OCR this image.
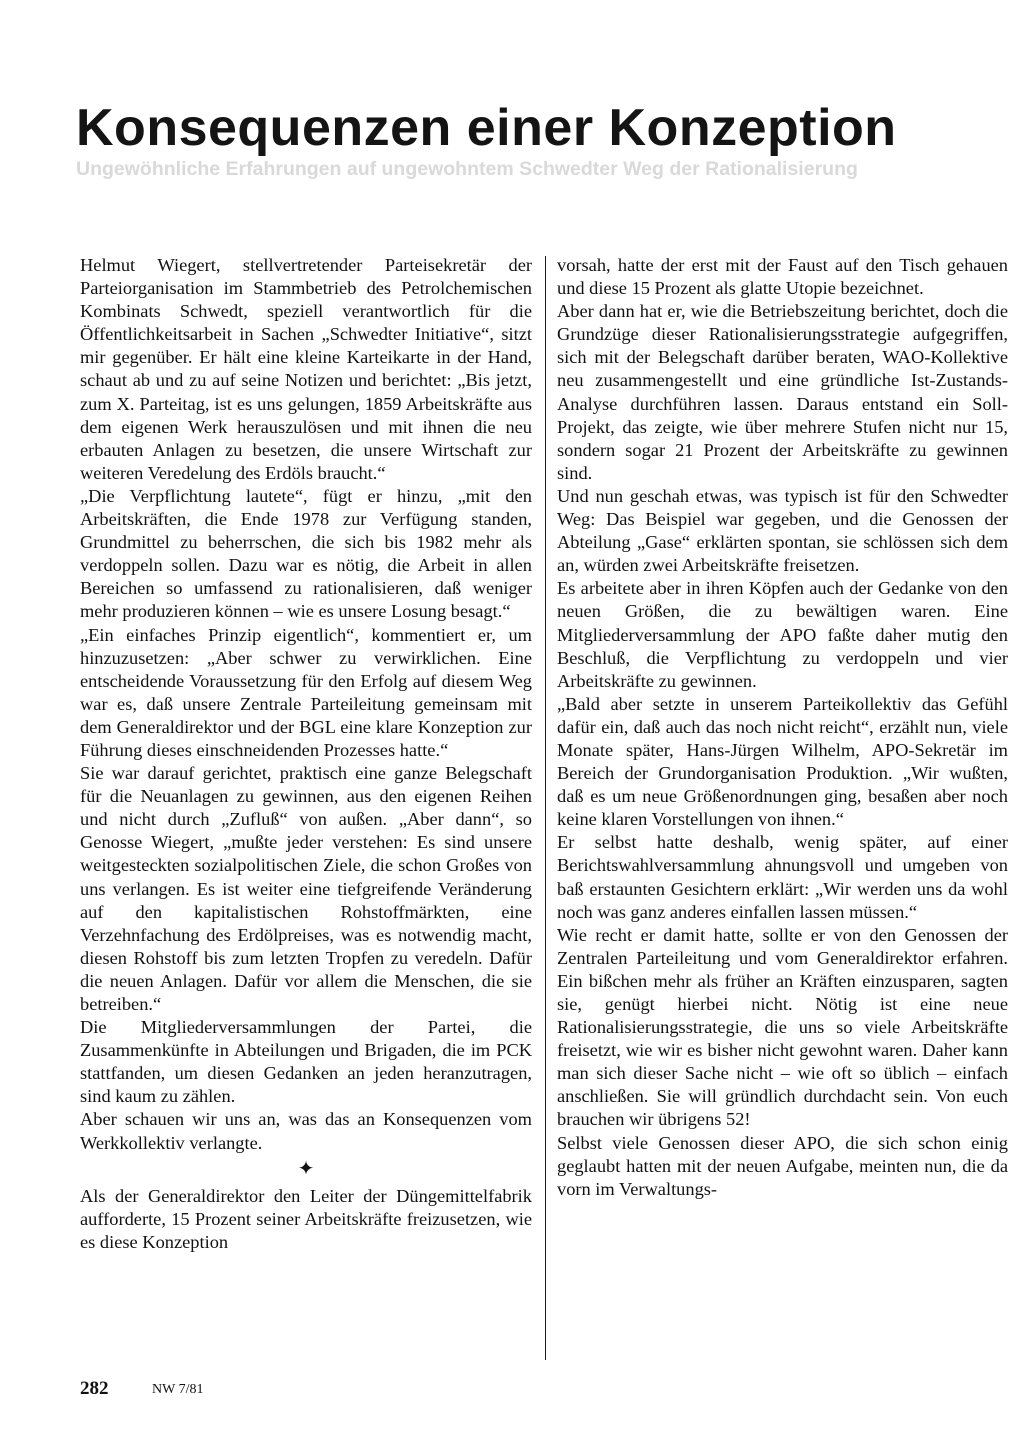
Konsequenzen einer Konzeption
Ungewöhnliche Erfahrungen auf ungewohntem Schwedter Weg der Rationalisierung

Helmut Wiegert, stellvertretender Parteisekretär der Parteiorganisation im Stammbetrieb des Petrolchemischen Kombinats Schwedt, speziell verantwortlich für die Öffentlichkeitsarbeit in Sachen „Schwedter Initiative“, sitzt mir gegenüber. Er hält eine kleine Karteikarte in der Hand, schaut ab und zu auf seine Notizen und berichtet: „Bis jetzt, zum X. Parteitag, ist es uns gelungen, 1859 Arbeitskräfte aus dem eigenen Werk herauszulösen und mit ihnen die neu erbauten Anlagen zu besetzen, die unsere Wirtschaft zur weiteren Veredelung des Erdöls braucht.“

„Die Verpflichtung lautete“, fügt er hinzu, „mit den Arbeitskräften, die Ende 1978 zur Verfügung standen, Grundmittel zu beherrschen, die sich bis 1982 mehr als verdoppeln sollen. Dazu war es nötig, die Arbeit in allen Bereichen so umfassend zu rationalisieren, daß weniger mehr produzieren können – wie es unsere Losung besagt.“

„Ein einfaches Prinzip eigentlich“, kommentiert er, um hinzuzusetzen: „Aber schwer zu verwirklichen. Eine entscheidende Voraussetzung für den Erfolg auf diesem Weg war es, daß unsere Zentrale Parteileitung gemeinsam mit dem Generaldirektor und der BGL eine klare Konzeption zur Führung dieses einschneidenden Prozesses hatte.“

Sie war darauf gerichtet, praktisch eine ganze Belegschaft für die Neuanlagen zu gewinnen, aus den eigenen Reihen und nicht durch „Zufluß“ von außen. „Aber dann“, so Genosse Wiegert, „mußte jeder verstehen: Es sind unsere weitgesteckten sozialpolitischen Ziele, die schon Großes von uns verlangen. Es ist weiter eine tiefgreifende Veränderung auf den kapitalistischen Rohstoffmärkten, eine Verzehnfachung des Erdölpreises, was es notwendig macht, diesen Rohstoff bis zum letzten Tropfen zu veredeln. Dafür die neuen Anlagen. Dafür vor allem die Menschen, die sie betreiben.“

Die Mitgliederversammlungen der Partei, die Zusammenkünfte in Abteilungen und Brigaden, die im PCK stattfanden, um diesen Gedanken an jeden heranzutragen, sind kaum zu zählen.

Aber schauen wir uns an, was das an Konsequenzen vom Werkkollektiv verlangte.

✦

Als der Generaldirektor den Leiter der Düngemittelfabrik aufforderte, 15 Prozent seiner Arbeitskräfte freizusetzen, wie es diese Konzeption

vorsah, hatte der erst mit der Faust auf den Tisch gehauen und diese 15 Prozent als glatte Utopie bezeichnet.

Aber dann hat er, wie die Betriebszeitung berichtet, doch die Grundzüge dieser Rationalisierungsstrategie aufgegriffen, sich mit der Belegschaft darüber beraten, WAO-Kollektive neu zusammengestellt und eine gründliche Ist-Zustands-Analyse durchführen lassen. Daraus entstand ein Soll-Projekt, das zeigte, wie über mehrere Stufen nicht nur 15, sondern sogar 21 Prozent der Arbeitskräfte zu gewinnen sind.

Und nun geschah etwas, was typisch ist für den Schwedter Weg: Das Beispiel war gegeben, und die Genossen der Abteilung „Gase“ erklärten spontan, sie schlössen sich dem an, würden zwei Arbeitskräfte freisetzen.

Es arbeitete aber in ihren Köpfen auch der Gedanke von den neuen Größen, die zu bewältigen waren. Eine Mitgliederversammlung der APO faßte daher mutig den Beschluß, die Verpflichtung zu verdoppeln und vier Arbeitskräfte zu gewinnen.

„Bald aber setzte in unserem Parteikollektiv das Gefühl dafür ein, daß auch das noch nicht reicht“, erzählt nun, viele Monate später, Hans-Jürgen Wilhelm, APO-Sekretär im Bereich der Grundorganisation Produktion. „Wir wußten, daß es um neue Größenordnungen ging, besaßen aber noch keine klaren Vorstellungen von ihnen.“

Er selbst hatte deshalb, wenig später, auf einer Berichtswahlversammlung ahnungsvoll und umgeben von baß erstaunten Gesichtern erklärt: „Wir werden uns da wohl noch was ganz anderes einfallen lassen müssen.“

Wie recht er damit hatte, sollte er von den Genossen der Zentralen Parteileitung und vom Generaldirektor erfahren. Ein bißchen mehr als früher an Kräften einzusparen, sagten sie, genügt hierbei nicht. Nötig ist eine neue Rationalisierungsstrategie, die uns so viele Arbeitskräfte freisetzt, wie wir es bisher nicht gewohnt waren. Daher kann man sich dieser Sache nicht – wie oft so üblich – einfach anschließen. Sie will gründlich durchdacht sein. Von euch brauchen wir übrigens 52!

Selbst viele Genossen dieser APO, die sich schon einig geglaubt hatten mit der neuen Aufgabe, meinten nun, die da vorn im Verwaltungs-

282	NW 7/81
